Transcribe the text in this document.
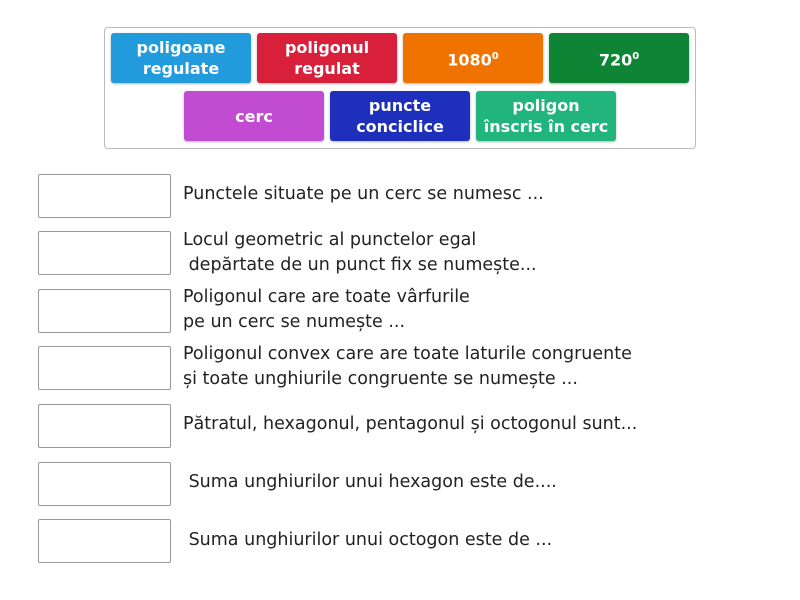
poligoane
regulate
poligonul
regulat	1080$^0$	$720^0$
cerc
puncte
conciclice
poligon
înscris în cerc
Punctele situate pe un cerc se numesc ...
Locul geometric al punctelor egal
depărtate de un punct fix se numește...
Poligonul care are toate vârfurile
pe un cerc se numește ...
Poligonul convex care are toate laturile congruente
și toate unghiurile congruente se numește ...
Pătratul, hexagonul, pentagonul și octogonul sunt...
Suma unghiurilor unui hexagon este de....
Suma unghiurilor unui octogon este de ...
